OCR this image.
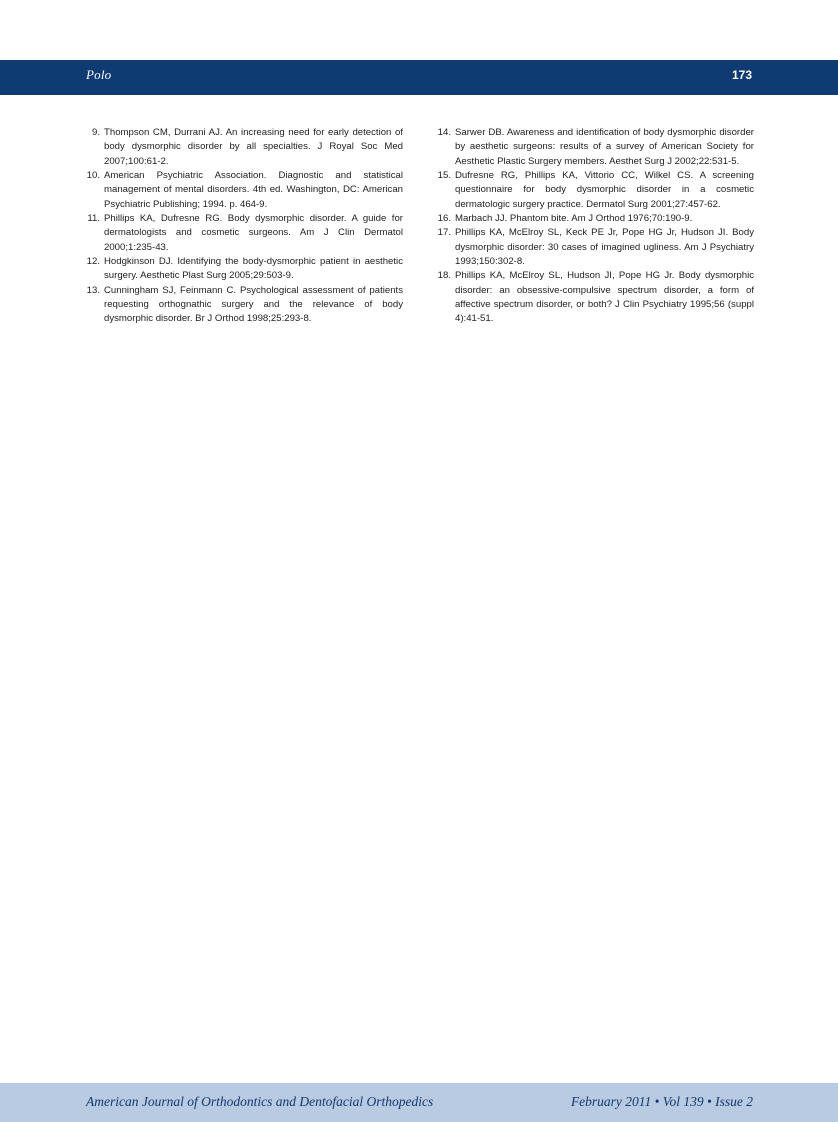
Polo	173
9. Thompson CM, Durrani AJ. An increasing need for early detection of body dysmorphic disorder by all specialties. J Royal Soc Med 2007;100:61-2.
10. American Psychiatric Association. Diagnostic and statistical management of mental disorders. 4th ed. Washington, DC: American Psychiatric Publishing; 1994. p. 464-9.
11. Phillips KA, Dufresne RG. Body dysmorphic disorder. A guide for dermatologists and cosmetic surgeons. Am J Clin Dermatol 2000;1:235-43.
12. Hodgkinson DJ. Identifying the body-dysmorphic patient in aesthetic surgery. Aesthetic Plast Surg 2005;29:503-9.
13. Cunningham SJ, Feinmann C. Psychological assessment of patients requesting orthognathic surgery and the relevance of body dysmorphic disorder. Br J Orthod 1998;25:293-8.
14. Sarwer DB. Awareness and identification of body dysmorphic disorder by aesthetic surgeons: results of a survey of American Society for Aesthetic Plastic Surgery members. Aesthet Surg J 2002;22:531-5.
15. Dufresne RG, Phillips KA, Vittorio CC, Wilkel CS. A screening questionnaire for body dysmorphic disorder in a cosmetic dermatologic surgery practice. Dermatol Surg 2001;27:457-62.
16. Marbach JJ. Phantom bite. Am J Orthod 1976;70:190-9.
17. Phillips KA, McElroy SL, Keck PE Jr, Pope HG Jr, Hudson JI. Body dysmorphic disorder: 30 cases of imagined ugliness. Am J Psychiatry 1993;150:302-8.
18. Phillips KA, McElroy SL, Hudson JI, Pope HG Jr. Body dysmorphic disorder: an obsessive-compulsive spectrum disorder, a form of affective spectrum disorder, or both? J Clin Psychiatry 1995;56 (suppl 4):41-51.
American Journal of Orthodontics and Dentofacial Orthopedics	February 2011 • Vol 139 • Issue 2
